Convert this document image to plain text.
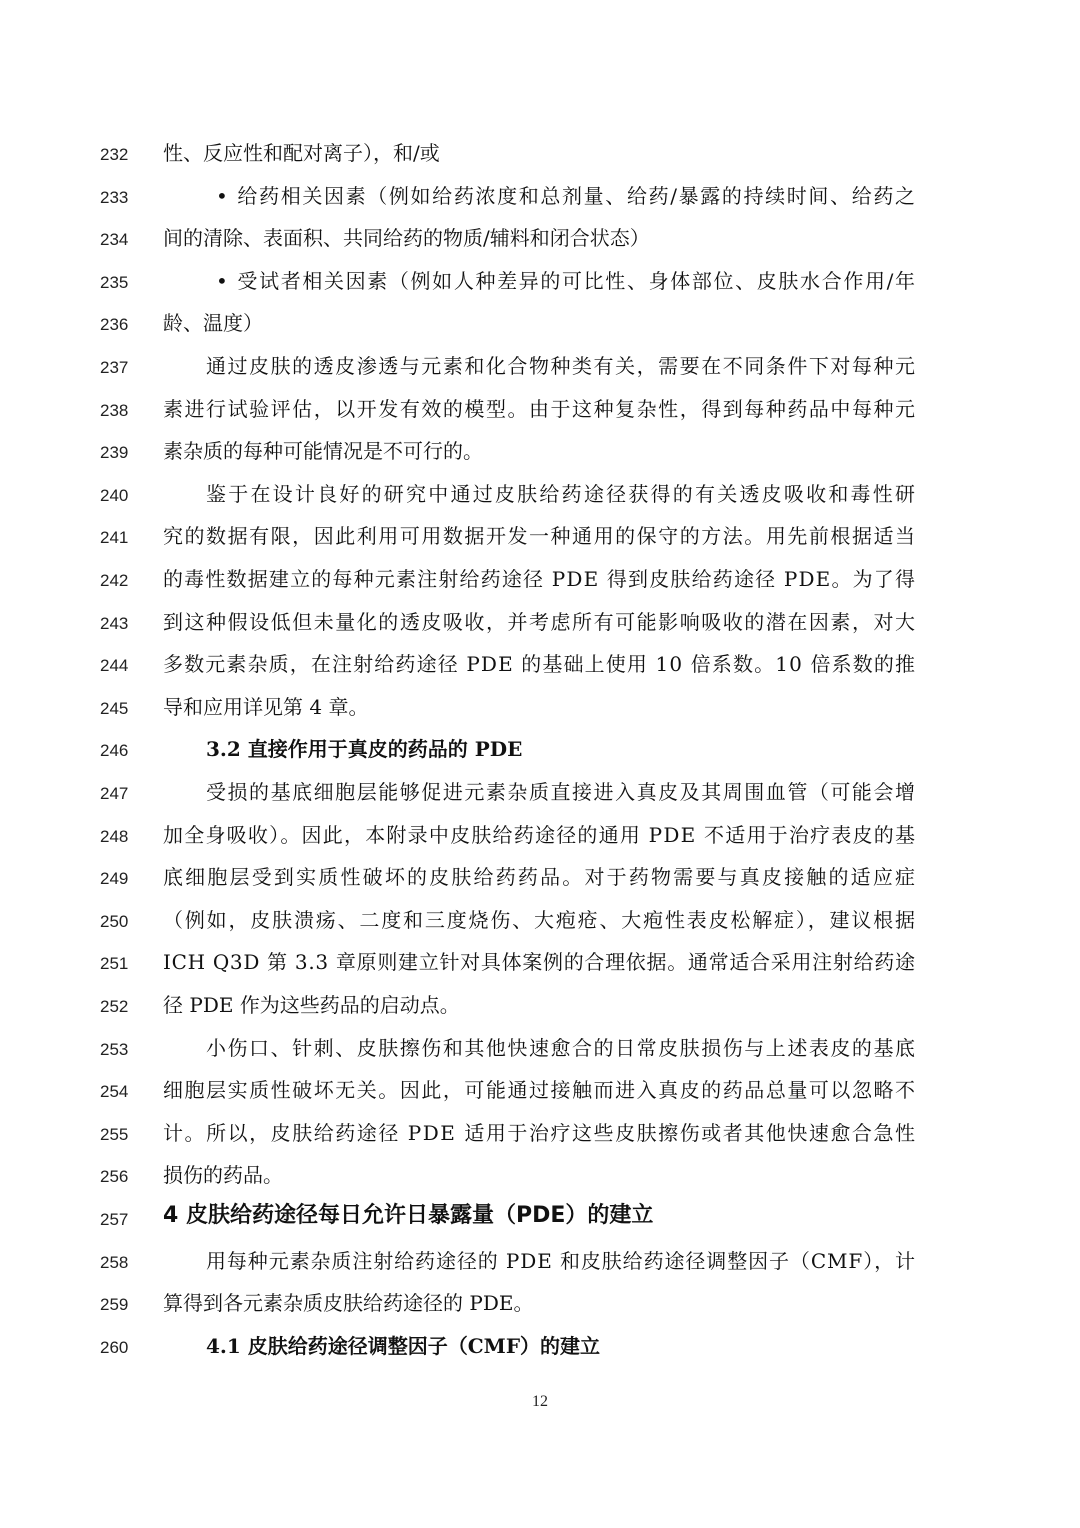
232 性、反应性和配对离子），和/或
233	• 给药相关因素（例如给药浓度和总剂量、给药/暴露的持续时间、给药之
234 间的清除、表面积、共同给药的物质/辅料和闭合状态）
235	• 受试者相关因素（例如人种差异的可比性、身体部位、皮肤水合作用/年
236 龄、温度）
237	通过皮肤的透皮渗透与元素和化合物种类有关，需要在不同条件下对每种元
238 素进行试验评估，以开发有效的模型。由于这种复杂性，得到每种药品中每种元
239 素杂质的每种可能情况是不可行的。
240	鉴于在设计良好的研究中通过皮肤给药途径获得的有关透皮吸收和毒性研
241 究的数据有限，因此利用可用数据开发一种通用的保守的方法。用先前根据适当
242 的毒性数据建立的每种元素注射给药途径 PDE 得到皮肤给药途径 PDE。为了得
243 到这种假设低但未量化的透皮吸收，并考虑所有可能影响吸收的潜在因素，对大
244 多数元素杂质，在注射给药途径 PDE 的基础上使用 10 倍系数。10 倍系数的推
245 导和应用详见第 4 章。
246	3.2 直接作用于真皮的药品的 PDE
247	受损的基底细胞层能够促进元素杂质直接进入真皮及其周围血管（可能会增
248 加全身吸收）。因此，本附录中皮肤给药途径的通用 PDE 不适用于治疗表皮的基
249 底细胞层受到实质性破坏的皮肤给药药品。对于药物需要与真皮接触的适应症
250 （例如，皮肤溃疡、二度和三度烧伤、大疱疮、大疱性表皮松解症），建议根据
251 ICH Q3D 第 3.3 章原则建立针对具体案例的合理依据。通常适合采用注射给药途
252 径 PDE 作为这些药品的启动点。
253	小伤口、针刺、皮肤擦伤和其他快速愈合的日常皮肤损伤与上述表皮的基底
254 细胞层实质性破坏无关。因此，可能通过接触而进入真皮的药品总量可以忽略不
255 计。所以，皮肤给药途径 PDE 适用于治疗这些皮肤擦伤或者其他快速愈合急性
256 损伤的药品。
257 4 皮肤给药途径每日允许日暴露量（PDE）的建立
258	用每种元素杂质注射给药途径的 PDE 和皮肤给药途径调整因子（CMF），计
259 算得到各元素杂质皮肤给药途径的 PDE。
260	4.1 皮肤给药途径调整因子（CMF）的建立
12
